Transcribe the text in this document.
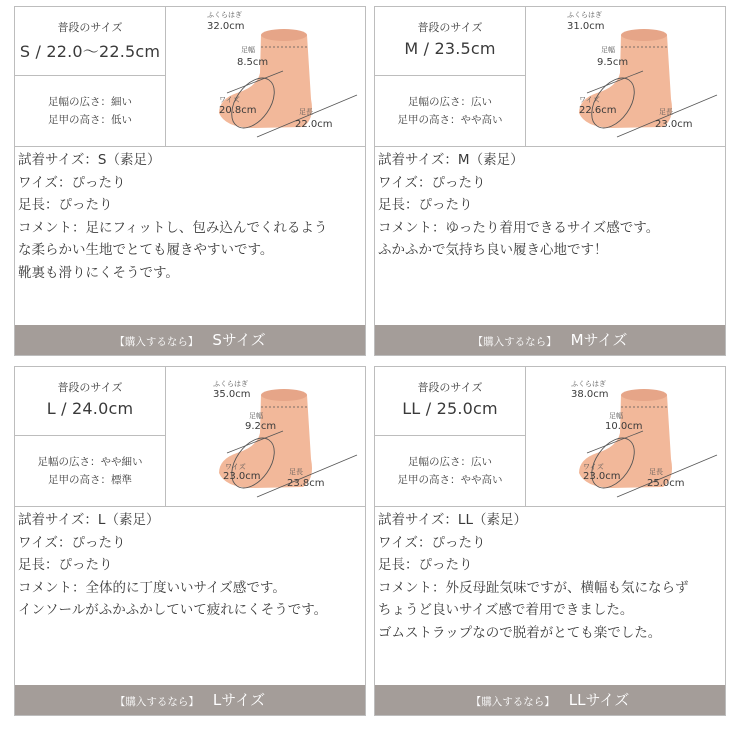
普段のサイズ
S / 22.0〜22.5cm
足幅の広さ：細い
足甲の高さ：低い
ふくらはぎ
32.0cm
足幅
8.5cm
ワイズ
20.8cm	足長
22.0cm
試着サイズ：S（素足）
ワイズ：ぴったり
足長：ぴったり
コメント：足にフィットし、包み込んでくれるよう
な柔らかい生地でとても履きやすいです。
靴裏も滑りにくそうです。
【購入するなら】 Sサイズ
普段のサイズ
M / 23.5cm
足幅の広さ：広い
足甲の高さ：やや高い
ふくらはぎ
31.0cm
足幅
9.5cm
ワイズ
22.6cm	足長
23.0cm
試着サイズ：M（素足）
ワイズ：ぴったり
足長：ぴったり
コメント：ゆったり着用できるサイズ感です。
ふかふかで気持ち良い履き心地です！
【購入するなら】 Mサイズ
普段のサイズ
L / 24.0cm
足幅の広さ：やや細い
足甲の高さ：標準
ふくらはぎ
35.0cm
足幅
9.2cm
ワイズ
23.0cm	足長
23.8cm
試着サイズ：L（素足）
ワイズ：ぴったり
足長：ぴったり
コメント：全体的に丁度いいサイズ感です。
インソールがふかふかしていて疲れにくそうです。
【購入するなら】 Lサイズ
普段のサイズ
LL / 25.0cm
足幅の広さ：広い
足甲の高さ：やや高い
ふくらはぎ
38.0cm
足幅
10.0cm
ワイズ
23.0cm	足長
25.0cm
試着サイズ：LL（素足）
ワイズ：ぴったり
足長：ぴったり
コメント：外反母趾気味ですが、横幅も気にならず
ちょうど良いサイズ感で着用できました。
ゴムストラップなので脱着がとても楽でした。
【購入するなら】 LLサイズ
